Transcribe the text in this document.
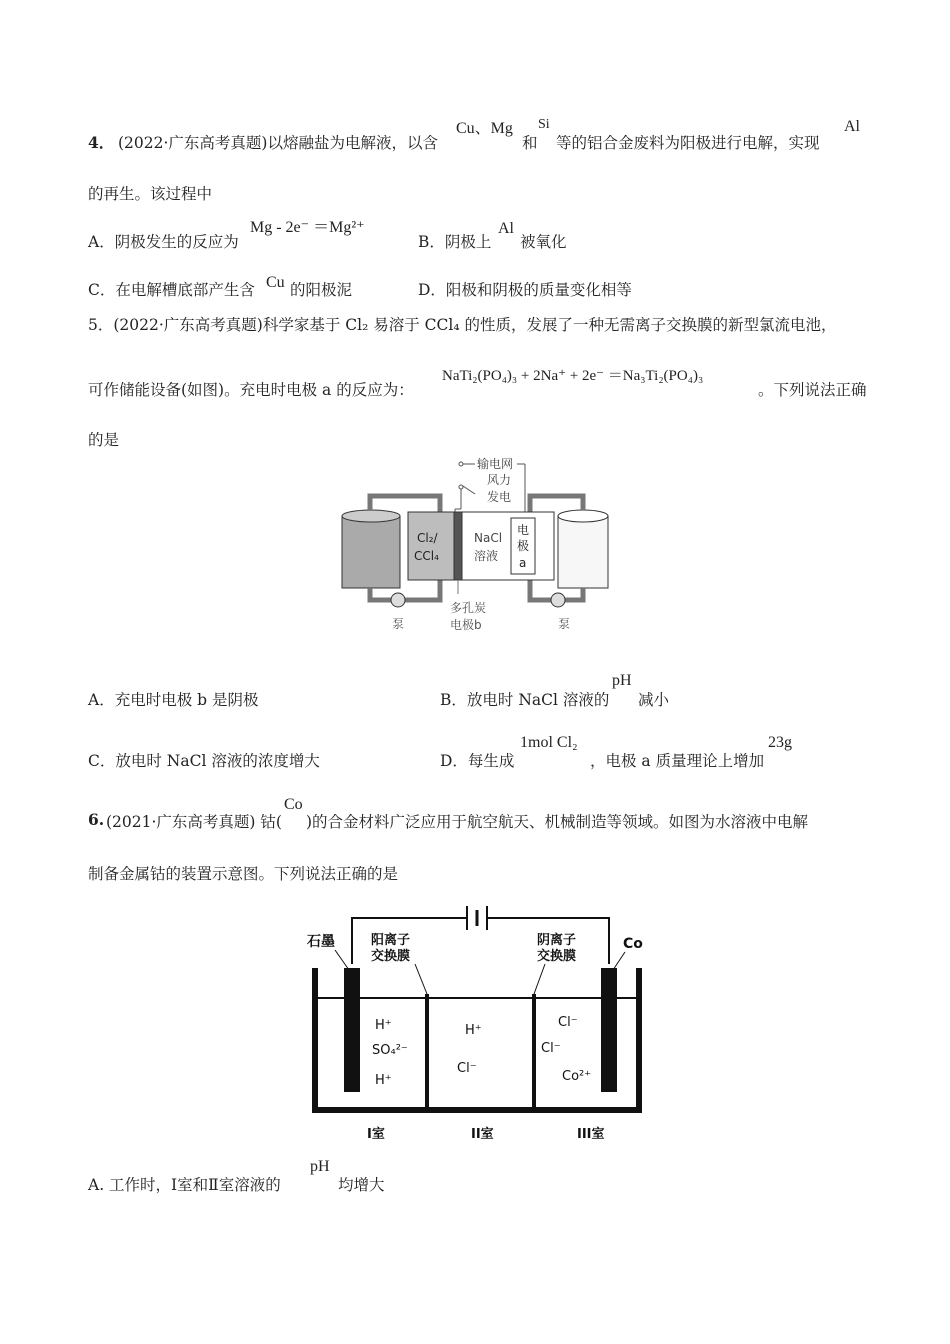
4． (2022·广东高考真题)以熔融盐为电解液，以含
Cu、Mg
和
Si
等的铝合金废料为阳极进行电解，实现
Al
的再生。该过程中
A．阴极发生的反应为
Mg - 2e⁻ ＝Mg²⁺
B．阴极上
Al
被氧化
C．在电解槽底部产生含 Cu 的阳极泥	D．阳极和阴极的质量变化相等
5．(2022·广东高考真题)科学家基于 Cl₂ 易溶于 CCl₄ 的性质，发展了一种无需离子交换膜的新型氯流电池，
可作储能设备(如图)。充电时电极 a 的反应为：
NaTi₂(PO₄)₃ + 2Na⁺ + 2e⁻ ＝Na₃Ti₂(PO₄)₃
。下列说法正确
的是
输电网
风力
发电
泵	泵
Cl₂/
CCl₄
NaCl
溶液
电
极
a
多孔炭
电极b
A．充电时电极 b 是阴极	B．放电时 NaCl 溶液的
pH
减小
C．放电时 NaCl 溶液的浓度增大	D．每生成
1mol Cl₂
，电极 a 质量理论上增加
23g
6. (2021·广东高考真题) 钴(
Co
)的合金材料广泛应用于航空航天、机械制造等领域。如图为水溶液中电解
制备金属钴的装置示意图。下列说法正确的是
石墨	阳离子
交换膜
阴离子
交换膜
Co
H⁺
SO₄²⁻
H⁺
H⁺
Cl⁻
Cl⁻
Cl⁻
Co²⁺
I室	II室	III室
A. 工作时，Ⅰ室和Ⅱ室溶液的
pH
均增大
